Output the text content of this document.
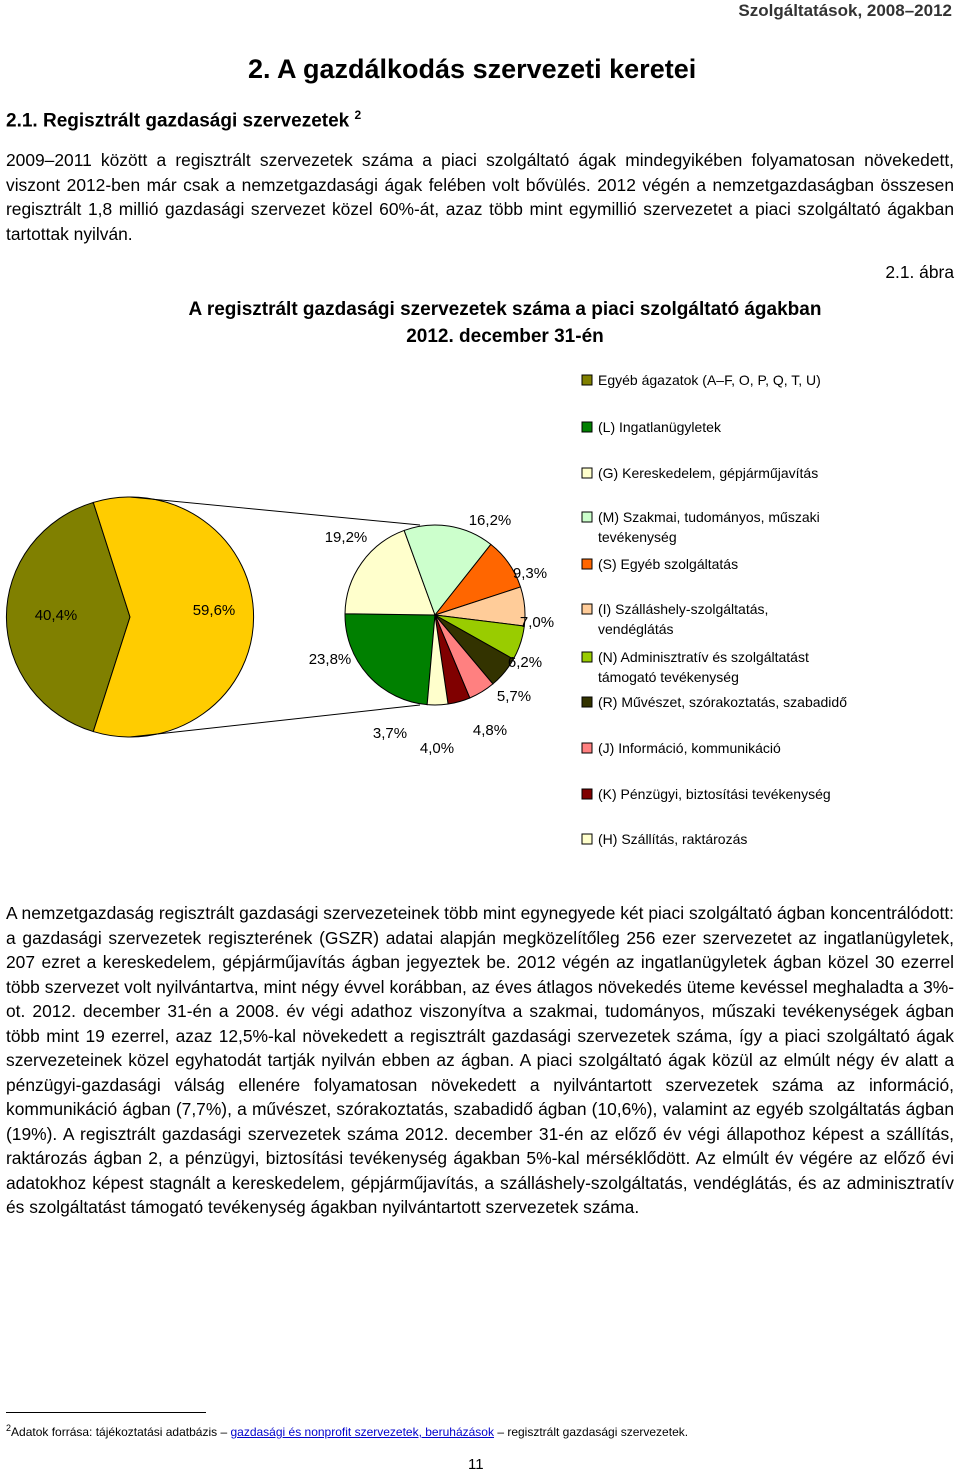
Szolgáltatások, 2008–2012
2. A gazdálkodás szervezeti keretei
2.1. Regisztrált gazdasági szervezetek $^2$
2009–2011 között a regisztrált szervezetek száma a piaci szolgáltató ágak mindegyikében folyamatosan növekedett, viszont 2012-ben már csak a nemzetgazdasági ágak felében volt bővülés. 2012 végén a nemzetgazdaságban összesen regisztrált 1,8 millió gazdasági szervezet közel 60%-át, azaz több mint egymillió szervezetet a piaci szolgáltató ágakban tartottak nyilván.
2.1. ábra
A regisztrált gazdasági szervezetek száma a piaci szolgáltató ágakban
2012. december 31-én
40,4%	59,6%
23,8%
19,2%
16,2%
9,3%
7,0%
6,2%
5,7%
4,8%
4,0%
3,7%
Egyéb ágazatok (A–F, O, P, Q, T, U)
(L) Ingatlanügyletek
(G) Kereskedelem, gépjárműjavítás
(M) Szakmai, tudományos, műszaki
tevékenység
(S) Egyéb szolgáltatás
(I) Szálláshely-szolgáltatás,
vendéglátás
(N) Adminisztratív és szolgáltatást
támogató tevékenység
(R) Művészet, szórakoztatás, szabadidő
(J) Információ, kommunikáció
(K) Pénzügyi, biztosítási tevékenység
(H) Szállítás, raktározás
A nemzetgazdaság regisztrált gazdasági szervezeteinek több mint egynegyede két piaci szolgáltató ágban koncentrálódott: a gazdasági szervezetek regiszterének (GSZR) adatai alapján megközelítőleg 256 ezer szervezetet az ingatlanügyletek, 207 ezret a kereskedelem, gépjárműjavítás ágban jegyeztek be. 2012 végén az ingatlanügyletek ágban közel 30 ezerrel több szervezet volt nyilvántartva, mint négy évvel korábban, az éves átlagos növekedés üteme kevéssel meghaladta a 3%-ot. 2012. december 31-én a 2008. év végi adathoz viszonyítva a szakmai, tudományos, műszaki tevékenységek ágban több mint 19 ezerrel, azaz 12,5%-kal növekedett a regisztrált gazdasági szervezetek száma, így a piaci szolgáltató ágak szervezeteinek közel egyhatodát tartják nyilván ebben az ágban. A piaci szolgáltató ágak közül az elmúlt négy év alatt a pénzügyi-gazdasági válság ellenére folyamatosan növekedett a nyilvántartott szervezetek száma az információ, kommunikáció ágban (7,7%), a művészet, szórakoztatás, szabadidő ágban (10,6%), valamint az egyéb szolgáltatás ágban (19%). A regisztrált gazdasági szervezetek száma 2012. december 31-én az előző év végi állapothoz képest a szállítás, raktározás ágban 2, a pénzügyi, biztosítási tevékenység ágakban 5%-kal mérséklődött. Az elmúlt év végére az előző évi adatokhoz képest stagnált a kereskedelem, gépjárműjavítás, a szálláshely-szolgáltatás, vendéglátás, és az adminisztratív és szolgáltatást támogató tevékenység ágakban nyilvántartott szervezetek száma.
$^2$Adatok forrása: tájékoztatási adatbázis – gazdasági és nonprofit szervezetek, beruházások – regisztrált gazdasági szervezetek.
11
